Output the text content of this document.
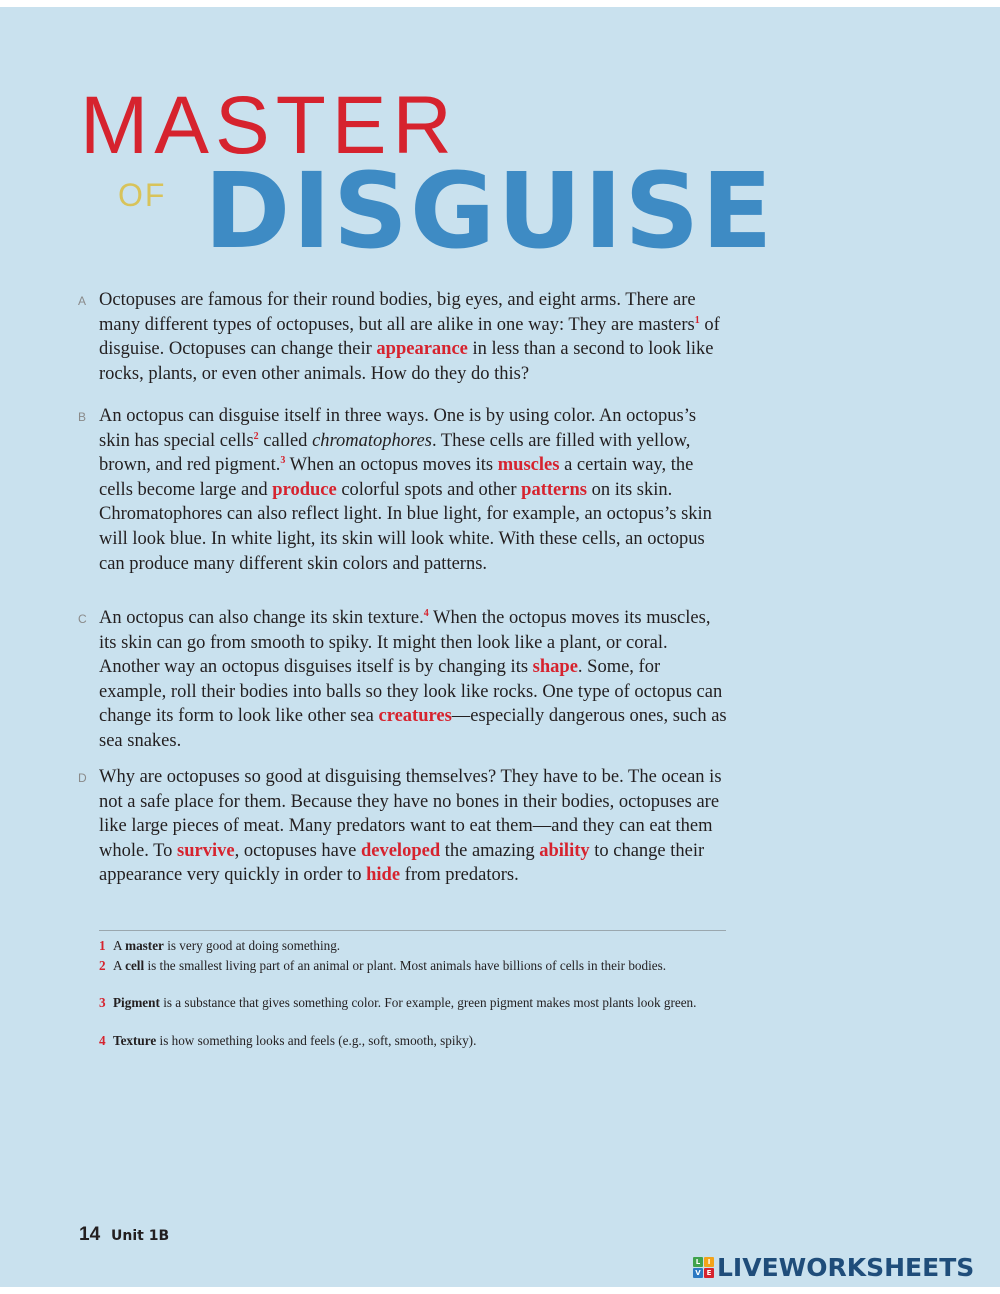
MASTER
OF DISGUISE
A Octopuses are famous for their round bodies, big eyes, and eight arms. There are many different types of octopuses, but all are alike in one way: They are masters$^1$ of disguise. Octopuses can change their appearance in less than a second to look like rocks, plants, or even other animals. How do they do this?
B An octopus can disguise itself in three ways. One is by using color. An octopus’s skin has special cells$^2$ called chromatophores. These cells are filled with yellow, brown, and red pigment.$^3$ When an octopus moves its muscles a certain way, the cells become large and produce colorful spots and other patterns on its skin. Chromatophores can also reflect light. In blue light, for example, an octopus’s skin will look blue. In white light, its skin will look white. With these cells, an octopus can produce many different skin colors and patterns.
C An octopus can also change its skin texture.$^4$ When the octopus moves its muscles, its skin can go from smooth to spiky. It might then look like a plant, or coral. Another way an octopus disguises itself is by changing its shape. Some, for example, roll their bodies into balls so they look like rocks. One type of octopus can change its form to look like other sea creatures—especially dangerous ones, such as sea snakes.
D Why are octopuses so good at disguising themselves? They have to be. The ocean is not a safe place for them. Because they have no bones in their bodies, octopuses are like large pieces of meat. Many predators want to eat them—and they can eat them whole. To survive, octopuses have developed the amazing ability to change their appearance very quickly in order to hide from predators.
1 A master is very good at doing something.
2 A cell is the smallest living part of an animal or plant. Most animals have billions of cells in their bodies.
3 Pigment is a substance that gives something color. For example, green pigment makes most plants look green.
4 Texture is how something looks and feels (e.g., soft, smooth, spiky).
14 Unit 1B
L	I
V E LIVEWORKSHEETS
